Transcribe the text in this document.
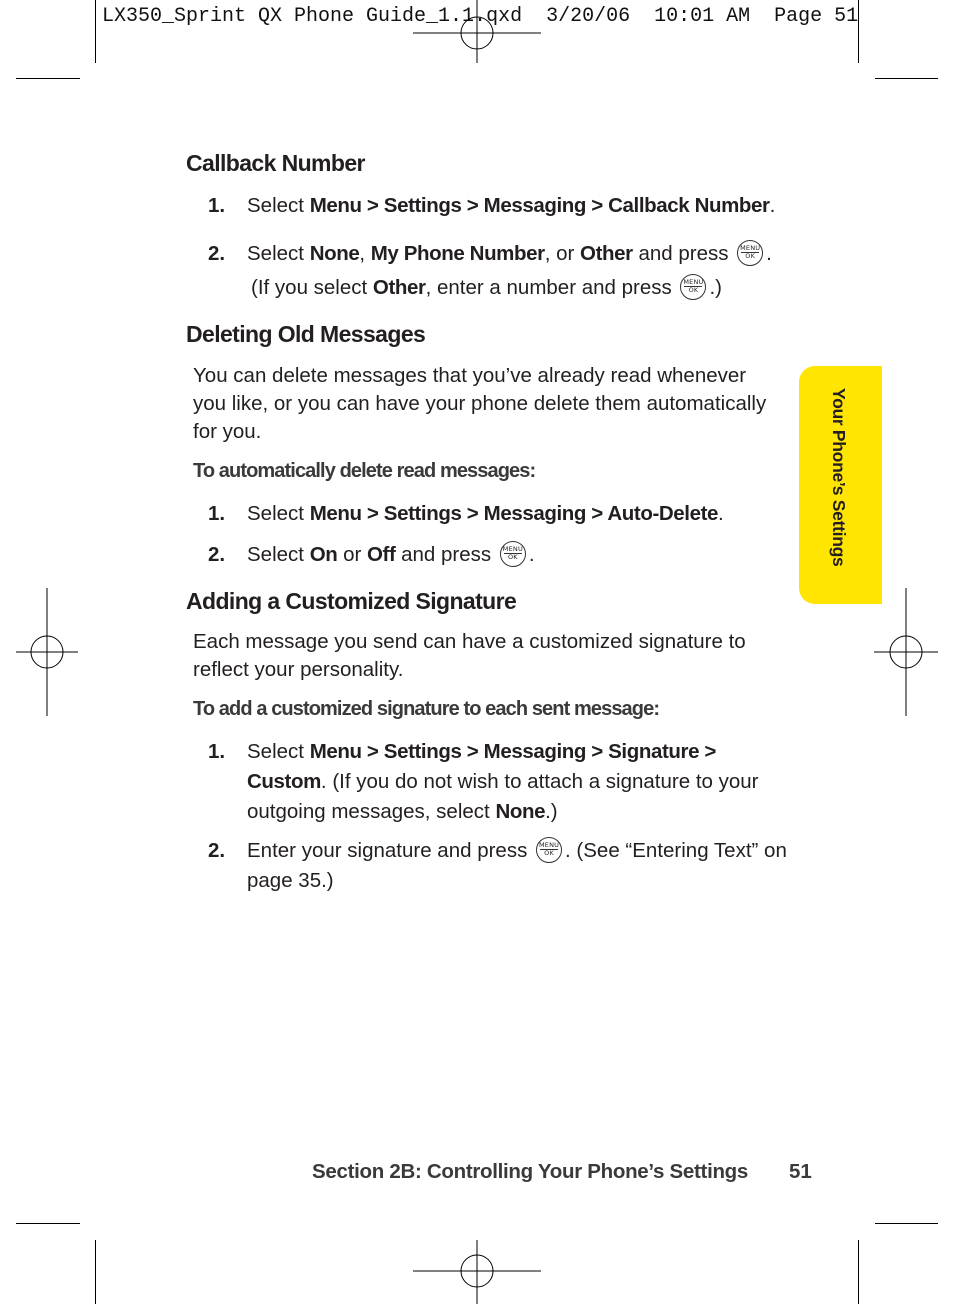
LX350_Sprint QX Phone Guide_1.1.qxd  3/20/06  10:01 AM  Page 51
Callback Number
1. Select Menu > Settings > Messaging > Callback Number.
2. Select None, My Phone Number, or Other and press MENU
OK .
(If you select Other, enter a number and press MENU
OK .)
Deleting Old Messages

You can delete messages that you’ve already read whenever you like, or you can have your phone delete them automatically for you.

To automatically delete read messages:

1. Select Menu > Settings > Messaging > Auto-Delete.
2. Select On or Off and press MENU
OK .
Adding a Customized Signature

Each message you send can have a customized signature to reflect your personality.

To add a customized signature to each sent message:

1. Select Menu > Settings > Messaging > Signature > Custom. (If you do not wish to attach a signature to your outgoing messages, select None.)
2. Enter your signature and press MENU
OK . (See “Entering Text” on page 35.)
Your Phone’s Settings
Section 2B: Controlling Your Phone’s Settings 51
